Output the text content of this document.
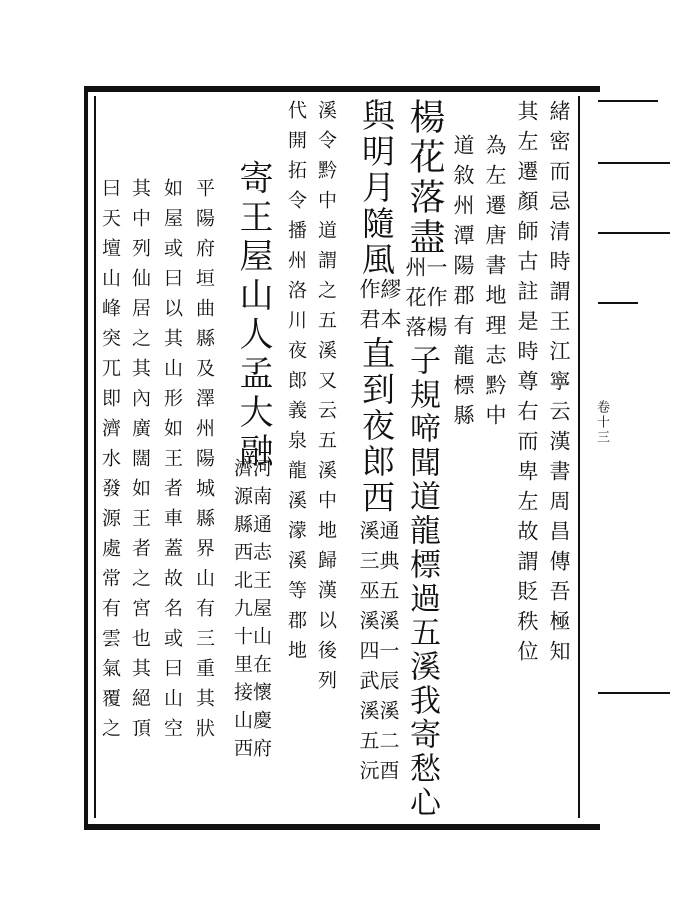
卷十三
緒密而忌清時謂王江寧云漢書周昌傳吾極知
其左遷顏師古註是時尊右而卑左故謂貶秩位
為左遷唐書地理志黔中
道敘州潭陽郡有龍標縣
楊花落盡
一作
州花
楊
落
子規啼聞道龍標過五溪我寄愁心
與明月隨風
繆本
作君
直到夜郎西
通典五溪一辰溪二酉
溪三巫溪四武溪五沅
溪令黔中道謂之五溪又云五溪中地歸漢以後列
代開拓令播州洛川夜郎義泉龍溪濛溪等郡地
寄王屋山人孟大融
河南通志王屋山在懷慶府
濟源縣西北九十里接山西
平陽府垣曲縣及澤州陽城縣界山有三重其狀
如屋或曰以其山形如王者車蓋故名或曰山空
其中列仙居之其內廣闊如王者之宮也其絕頂
曰天壇山峰突兀即濟水發源處常有雲氣覆之
